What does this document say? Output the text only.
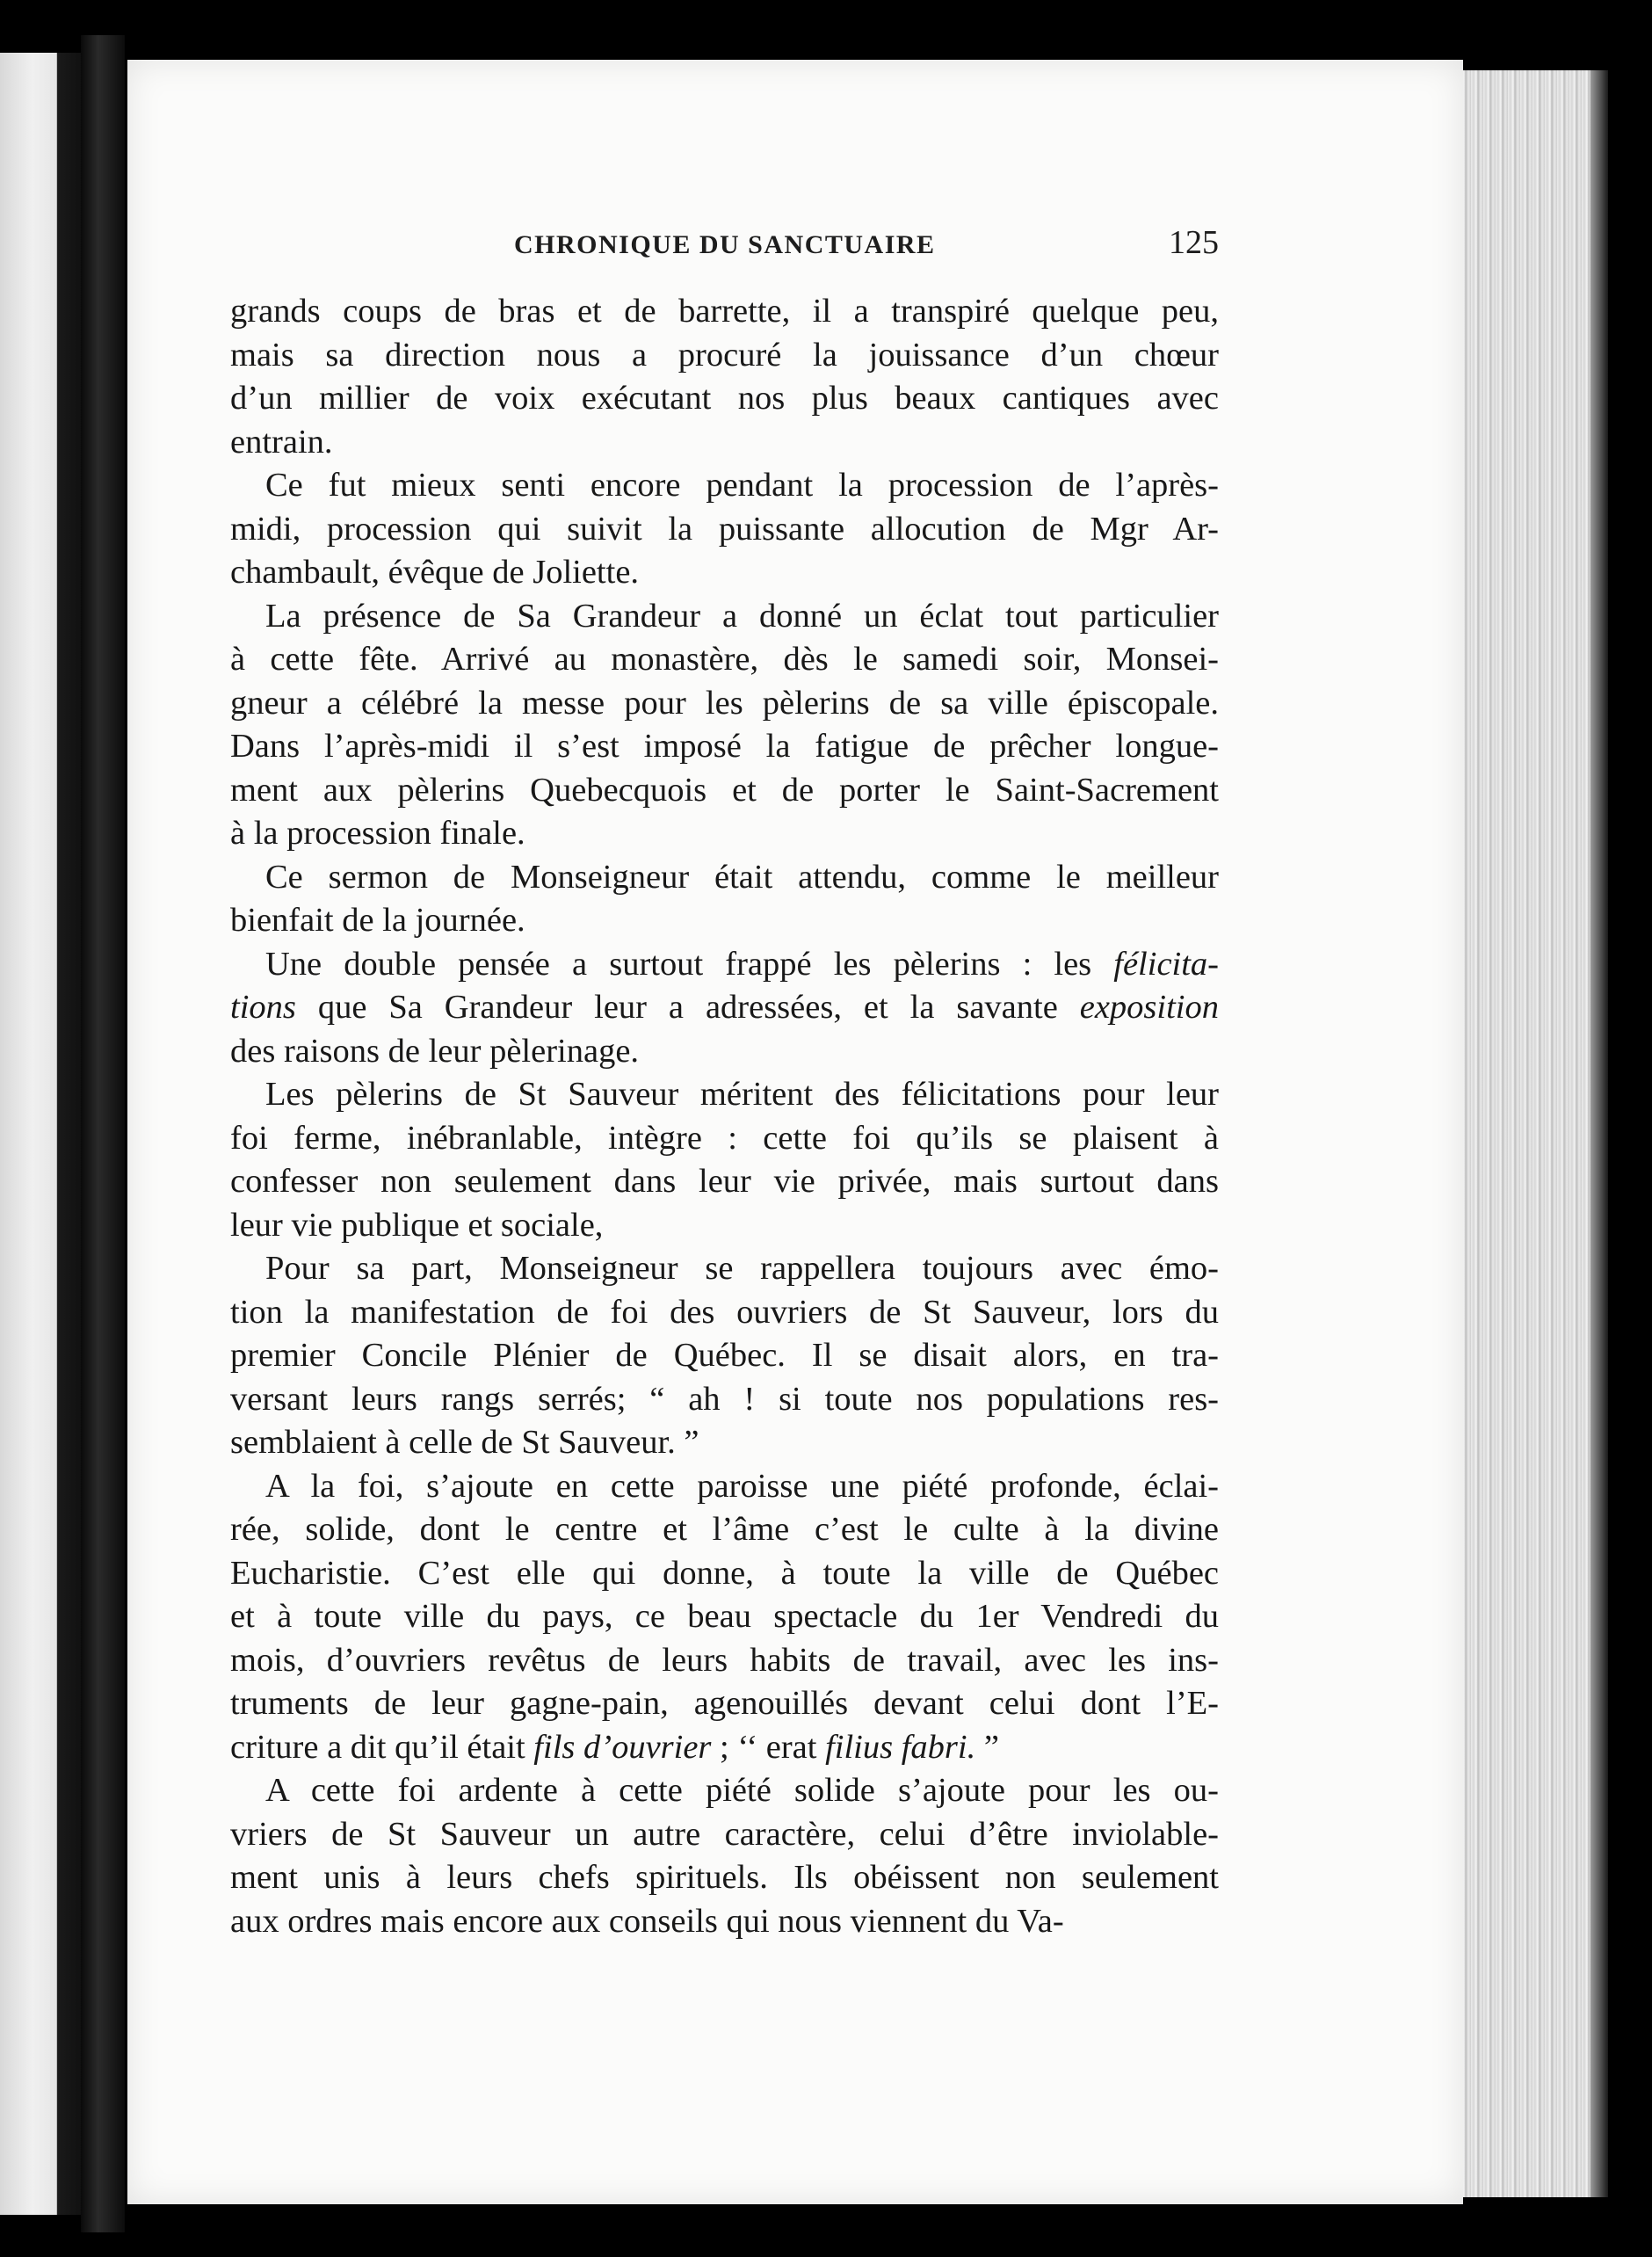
CHRONIQUE DU SANCTUAIRE	125
grands coups de bras et de barrette, il a transpiré quelque peu,
mais sa direction nous a procuré la jouissance d’un chœur
d’un millier de voix exécutant nos plus beaux cantiques avec
entrain.
Ce fut mieux senti encore pendant la procession de l’après-
midi, procession qui suivit la puissante allocution de Mgr Ar-
chambault, évêque de Joliette.
La présence de Sa Grandeur a donné un éclat tout particulier
à cette fête. Arrivé au monastère, dès le samedi soir, Monsei-
gneur a célébré la messe pour les pèlerins de sa ville épiscopale.
Dans l’après-midi il s’est imposé la fatigue de prêcher longue-
ment aux pèlerins Quebecquois et de porter le Saint-Sacrement
à la procession finale.
Ce sermon de Monseigneur était attendu, comme le meilleur
bienfait de la journée.
Une double pensée a surtout frappé les pèlerins : les félicita-
tions que Sa Grandeur leur a adressées, et la savante exposition
des raisons de leur pèlerinage.
Les pèlerins de St Sauveur méritent des félicitations pour leur
foi ferme, inébranlable, intègre : cette foi qu’ils se plaisent à
confesser non seulement dans leur vie privée, mais surtout dans
leur vie publique et sociale,
Pour sa part, Monseigneur se rappellera toujours avec émo-
tion la manifestation de foi des ouvriers de St Sauveur, lors du
premier Concile Plénier de Québec. Il se disait alors, en tra-
versant leurs rangs serrés; “ ah ! si toute nos populations res-
semblaient à celle de St Sauveur. ”
A la foi, s’ajoute en cette paroisse une piété profonde, éclai-
rée, solide, dont le centre et l’âme c’est le culte à la divine
Eucharistie. C’est elle qui donne, à toute la ville de Québec
et à toute ville du pays, ce beau spectacle du 1er Vendredi du
mois, d’ouvriers revêtus de leurs habits de travail, avec les ins-
truments de leur gagne-pain, agenouillés devant celui dont l’E-
criture a dit qu’il était fils d’ouvrier ; ‘‘ erat filius fabri. ”
A cette foi ardente à cette piété solide s’ajoute pour les ou-
vriers de St Sauveur un autre caractère, celui d’être inviolable-
ment unis à leurs chefs spirituels. Ils obéissent non seulement
aux ordres mais encore aux conseils qui nous viennent du Va-
